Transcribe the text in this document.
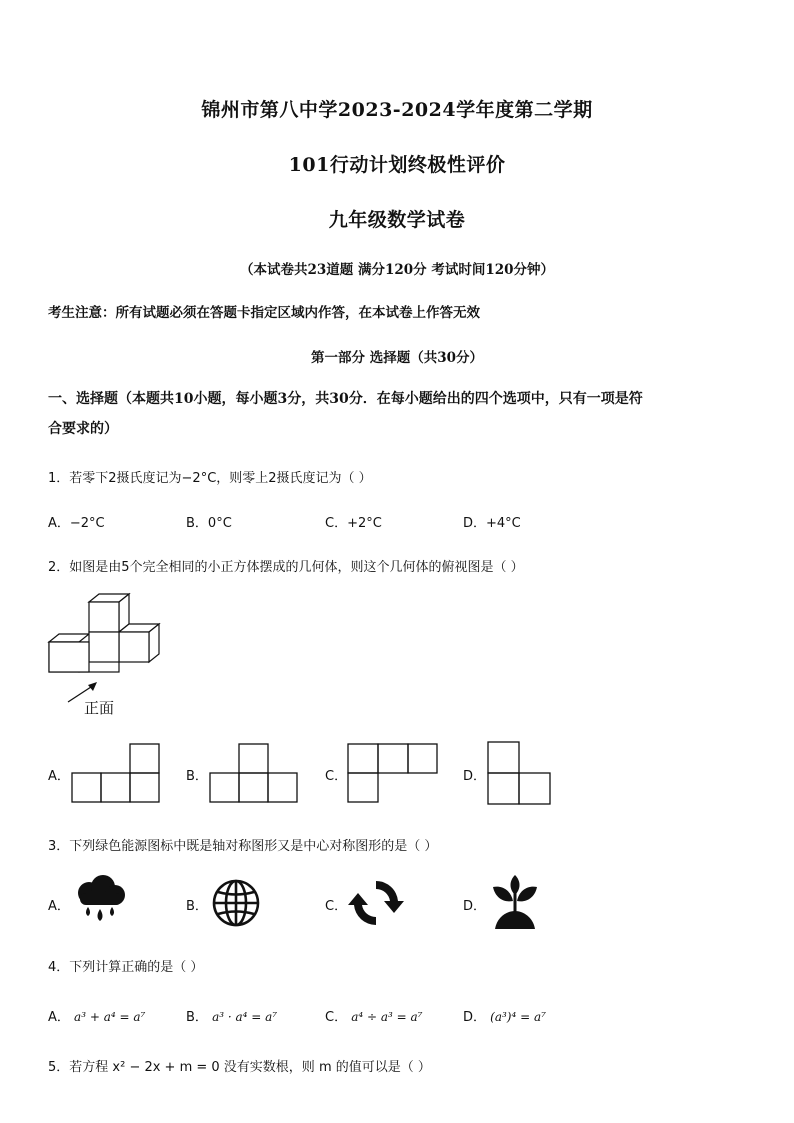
锦州市第八中学2023-2024学年度第二学期
101行动计划终极性评价
九年级数学试卷
（本试卷共23道题 满分120分 考试时间120分钟）
考生注意：所有试题必须在答题卡指定区域内作答，在本试卷上作答无效
第一部分 选择题（共30分）
一、选择题（本题共10小题，每小题3分，共30分．在每小题给出的四个选项中，只有一项是符
合要求的）
1．若零下2摄氏度记为−2°C，则零上2摄氏度记为（ ）
A．−2°C	B．0°C	C．+2°C	D．+4°C
2．如图是由5个完全相同的小正方体摆成的几何体，则这个几何体的俯视图是（ ）
正面
A．	B．	C．	D．
3．下列绿色能源图标中既是轴对称图形又是中心对称图形的是（ ）
A．	B．	C．	D．
4．下列计算正确的是（ ）
A． a³ + a⁴ = a⁷	B． a³ · a⁴ = a⁷	C． a⁴ ÷ a³ = a⁷	D． (a³)⁴ = a⁷
5．若方程 x² − 2x + m = 0 没有实数根，则 m 的值可以是（ ）
